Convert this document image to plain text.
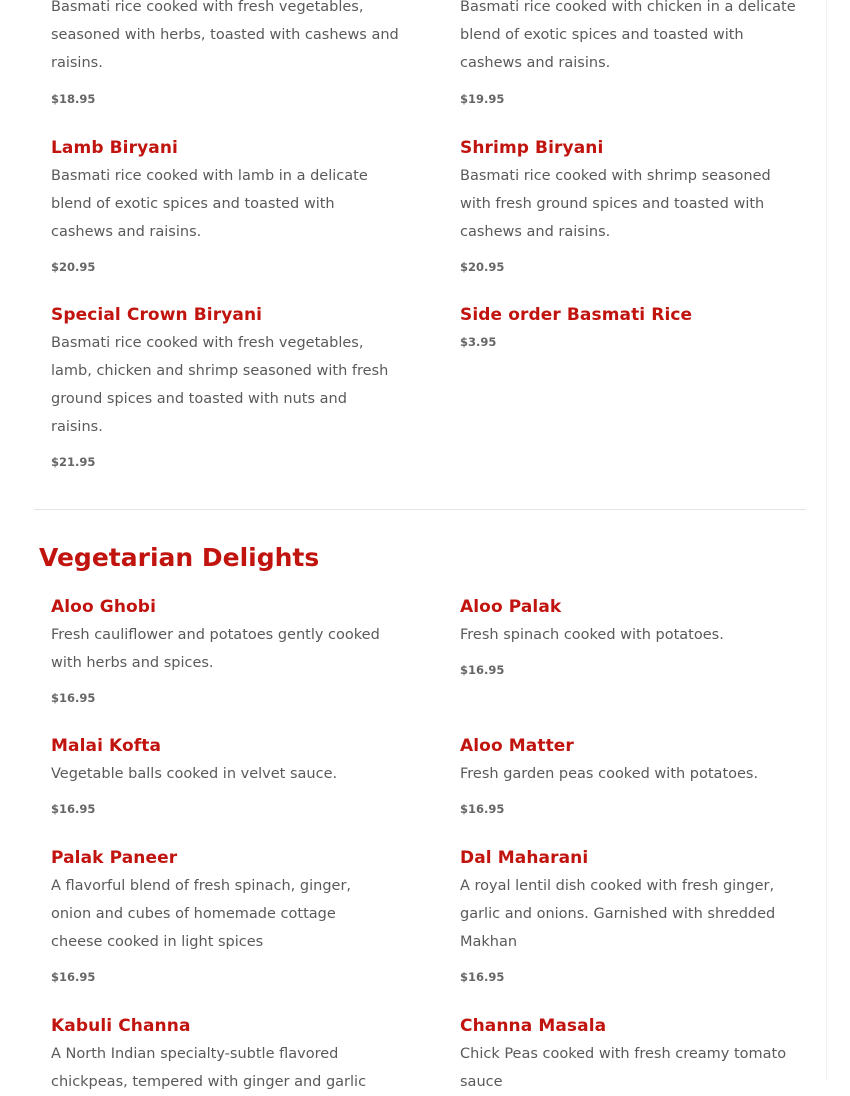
Basmati rice cooked with fresh vegetables, seasoned with herbs, toasted with cashews and raisins.
$18.95
Basmati rice cooked with chicken in a delicate blend of exotic spices and toasted with cashews and raisins.
$19.95
Lamb Biryani
Basmati rice cooked with lamb in a delicate blend of exotic spices and toasted with cashews and raisins.
$20.95
Shrimp Biryani
Basmati rice cooked with shrimp seasoned with fresh ground spices and toasted with cashews and raisins.
$20.95
Special Crown Biryani
Basmati rice cooked with fresh vegetables, lamb, chicken and shrimp seasoned with fresh ground spices and toasted with nuts and raisins.
$21.95
Side order Basmati Rice
$3.95
Vegetarian Delights
Aloo Ghobi
Fresh cauliflower and potatoes gently cooked with herbs and spices.
$16.95
Aloo Palak
Fresh spinach cooked with potatoes.
$16.95
Malai Kofta
Vegetable balls cooked in velvet sauce.
$16.95
Aloo Matter
Fresh garden peas cooked with potatoes.
$16.95
Palak Paneer
A flavorful blend of fresh spinach, ginger, onion and cubes of homemade cottage cheese cooked in light spices
$16.95
Dal Maharani
A royal lentil dish cooked with fresh ginger, garlic and onions. Garnished with shredded Makhan
$16.95
Kabuli Channa
A North Indian specialty-subtle flavored chickpeas, tempered with ginger and garlic
Channa Masala
Chick Peas cooked with fresh creamy tomato sauce
